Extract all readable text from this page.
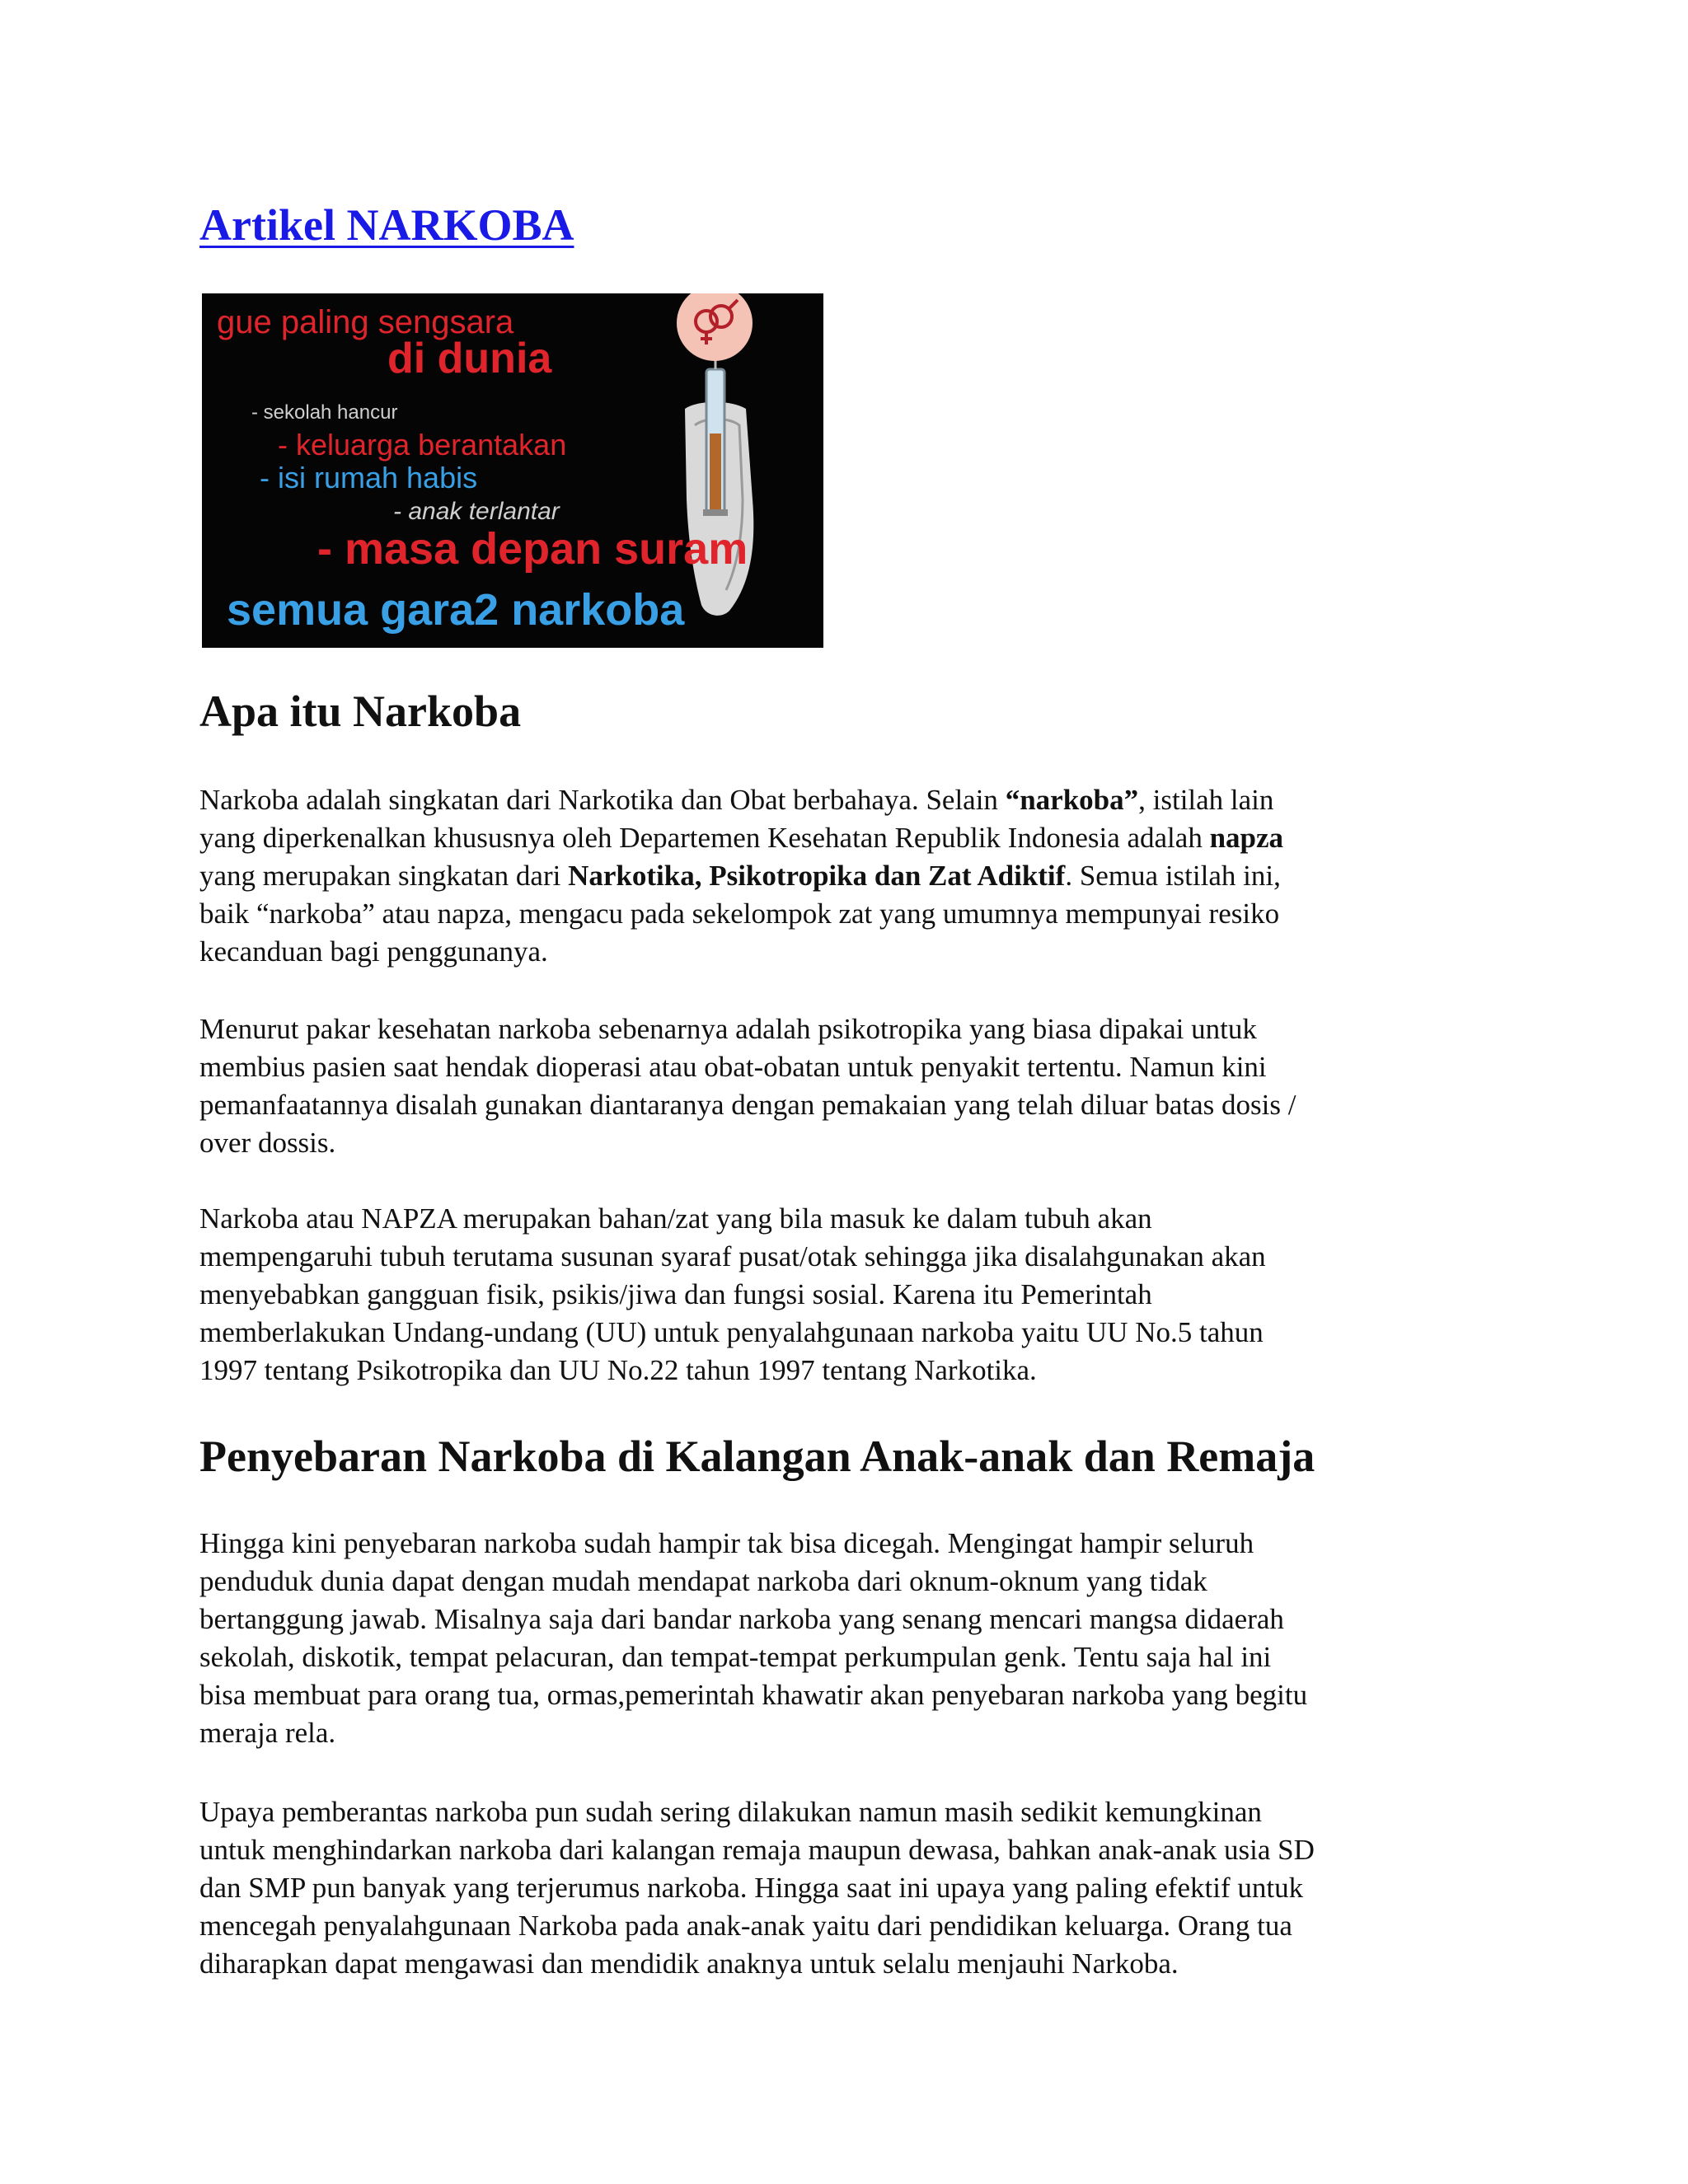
Artikel NARKOBA
gue paling sengsara
di dunia
- sekolah hancur
- keluarga berantakan
- isi rumah habis
- anak terlantar
- masa depan suram
semua gara2 narkoba
Apa itu Narkoba

Narkoba adalah singkatan dari Narkotika dan Obat berbahaya. Selain “narkoba”, istilah lain
yang diperkenalkan khususnya oleh Departemen Kesehatan Republik Indonesia adalah napza
yang merupakan singkatan dari Narkotika, Psikotropika dan Zat Adiktif. Semua istilah ini,
baik “narkoba” atau napza, mengacu pada sekelompok zat yang umumnya mempunyai resiko
kecanduan bagi penggunanya.

Menurut pakar kesehatan narkoba sebenarnya adalah psikotropika yang biasa dipakai untuk
membius pasien saat hendak dioperasi atau obat-obatan untuk penyakit tertentu. Namun kini
pemanfaatannya disalah gunakan diantaranya dengan pemakaian yang telah diluar batas dosis /
over dossis.

Narkoba atau NAPZA merupakan bahan/zat yang bila masuk ke dalam tubuh akan
mempengaruhi tubuh terutama susunan syaraf pusat/otak sehingga jika disalahgunakan akan
menyebabkan gangguan fisik, psikis/jiwa dan fungsi sosial. Karena itu Pemerintah
memberlakukan Undang-undang (UU) untuk penyalahgunaan narkoba yaitu UU No.5 tahun
1997 tentang Psikotropika dan UU No.22 tahun 1997 tentang Narkotika.

Penyebaran Narkoba di Kalangan Anak-anak dan Remaja

Hingga kini penyebaran narkoba sudah hampir tak bisa dicegah. Mengingat hampir seluruh
penduduk dunia dapat dengan mudah mendapat narkoba dari oknum-oknum yang tidak
bertanggung jawab. Misalnya saja dari bandar narkoba yang senang mencari mangsa didaerah
sekolah, diskotik, tempat pelacuran, dan tempat-tempat perkumpulan genk. Tentu saja hal ini
bisa membuat para orang tua, ormas,pemerintah khawatir akan penyebaran narkoba yang begitu
meraja rela.

Upaya pemberantas narkoba pun sudah sering dilakukan namun masih sedikit kemungkinan
untuk menghindarkan narkoba dari kalangan remaja maupun dewasa, bahkan anak-anak usia SD
dan SMP pun banyak yang terjerumus narkoba. Hingga saat ini upaya yang paling efektif untuk
mencegah penyalahgunaan Narkoba pada anak-anak yaitu dari pendidikan keluarga. Orang tua
diharapkan dapat mengawasi dan mendidik anaknya untuk selalu menjauhi Narkoba.
